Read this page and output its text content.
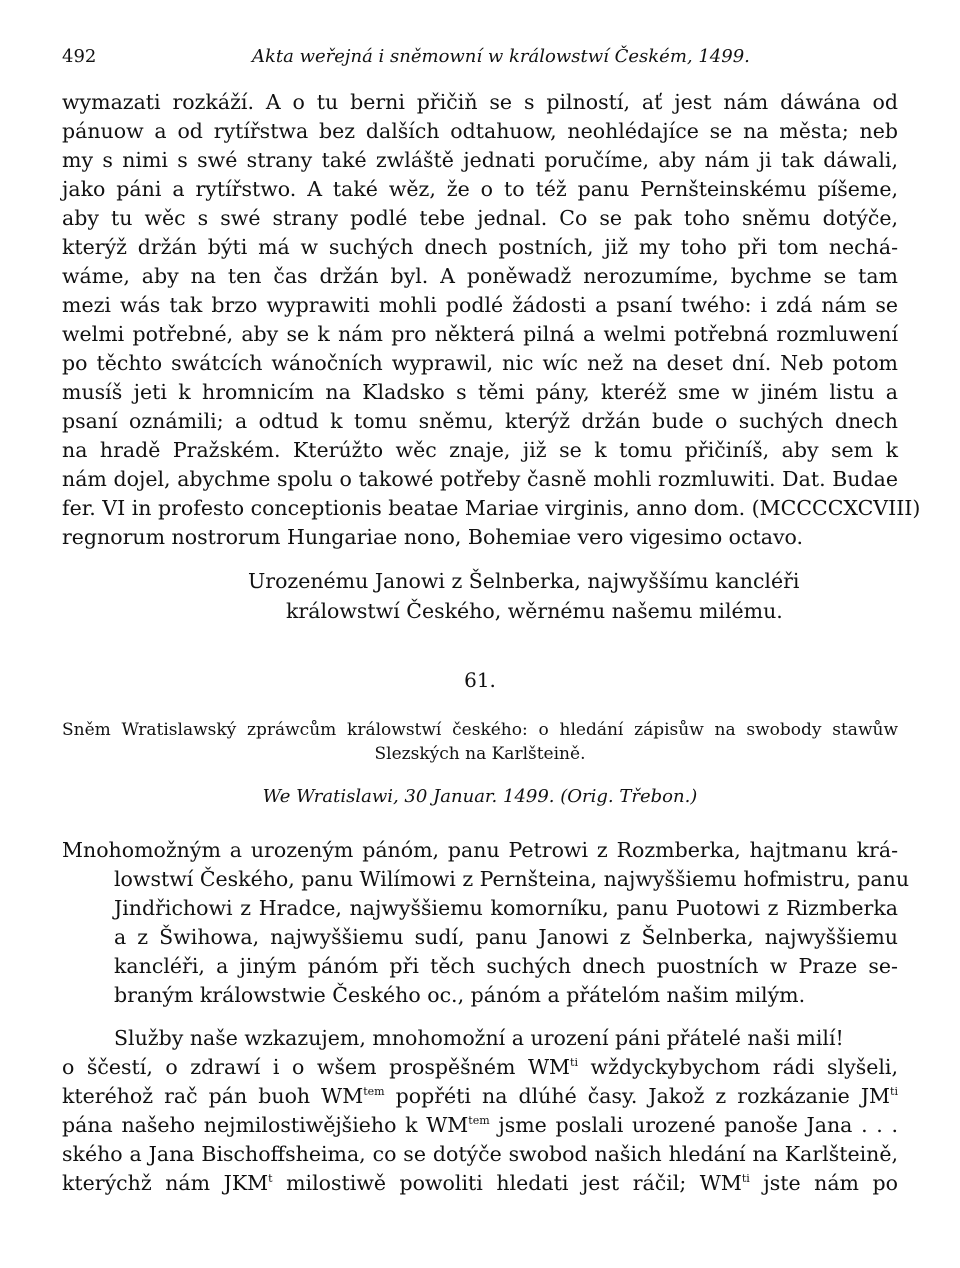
492	Akta weřejná i sněmowní w králowstwí Českém, 1499.
wymazati rozkáží. A o tu berni přičiň se s pilností, ať jest nám dáwána od
pánuow a od rytířstwa bez dalších odtahuow, neohlédajíce se na města; neb
my s nimi s swé strany také zwláště jednati poručíme, aby nám ji tak dáwali,
jako páni a rytířstwo. A také wěz, že o to též panu Pernšteinskému píšeme,
aby tu wěc s swé strany podlé tebe jednal. Co se pak toho sněmu dotýče,
kterýž držán býti má w suchých dnech postních, již my toho při tom nechá-
wáme, aby na ten čas držán byl. A poněwadž nerozumíme, bychme se tam
mezi wás tak brzo wyprawiti mohli podlé žádosti a psaní twého: i zdá nám se
welmi potřebné, aby se k nám pro některá pilná a welmi potřebná rozmluwení
po těchto swátcích wánočních wyprawil, nic wíc než na deset dní. Neb potom
musíš jeti k hromnicím na Kladsko s těmi pány, kteréž sme w jiném listu a
psaní oznámili; a odtud k tomu sněmu, kterýž držán bude o suchých dnech
na hradě Pražském. Kterúžto wěc znaje, již se k tomu přičiníš, aby sem k
nám dojel, abychme spolu o takowé potřeby časně mohli rozmluwiti. Dat. Budae
fer. VI in profesto conceptionis beatae Mariae virginis, anno dom. (MCCCCXCVIII)
regnorum nostrorum Hungariae nono, Bohemiae vero vigesimo octavo.
Urozenému Janowi z Šelnberka, najwyššímu kancléři
králowstwí Českého, wěrnému našemu milému.
61.
Sněm Wratislawský zpráwcům králowstwí českého: o hledání zápisůw na swobody stawůw
Slezských na Karlšteině.
We Wratislawi, 30 Januar. 1499. (Orig. Třebon.)
Mnohomožným a urozeným pánóm, panu Petrowi z Rozmberka, hajtmanu krá-
lowstwí Českého, panu Wilímowi z Pernšteina, najwyššiemu hofmistru, panu
Jindřichowi z Hradce, najwyššiemu komorníku, panu Puotowi z Rizmberka
a z Šwihowa, najwyššiemu sudí, panu Janowi z Šelnberka, najwyššiemu
kancléři, a jiným pánóm při těch suchých dnech puostních w Praze se-
braným králowstwie Českého ос., pánóm a přátelóm našim milým.
Služby naše wzkazujem, mnohomožní a urození páni přátelé naši milí!
o ščestí, o zdrawí i o wšem prospěšném $WM^{ti}$ wždyckybychom rádi slyšeli,
kteréhož rač pán buoh $WM^{tem}$ popřéti na dlúhé časy. Jakož z rozkázanie $JM^{ti}$
pána našeho nejmilostiwějšieho k $WM^{tem}$ jsme poslali urozené panoše Jana . . .
ského a Jana Bischoffsheima, co se dotýče swobod našich hledání na Karlšteině,
kterýchž nám JKM$^t$ milostiwě powoliti hledati jest ráčil; $WM^{ti}$ jste nám po
